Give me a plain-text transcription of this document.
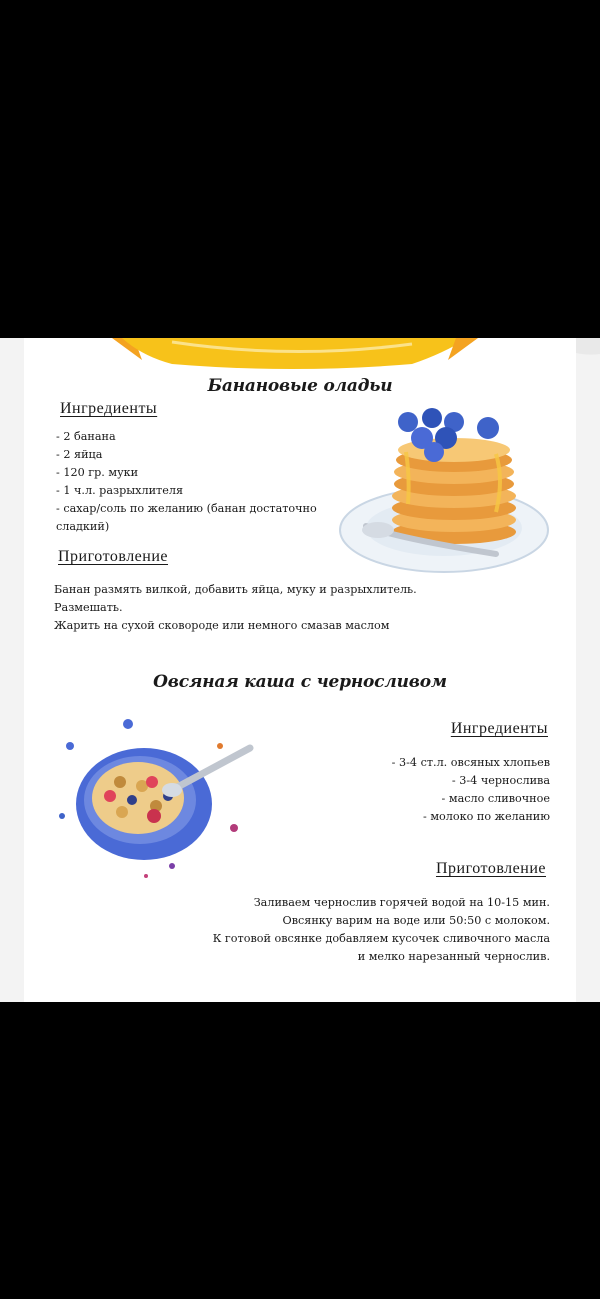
Банановые оладьи
Ингредиенты
- 2 банана
- 2 яйца
- 120 гр. муки
- 1 ч.л. разрыхлителя
- сахар/соль по желанию (банан достаточно
сладкий)
Приготовление
Банан размять вилкой, добавить яйца, муку и разрыхлитель.
Размешать.
Жарить на сухой сковороде или немного смазав маслом
Овсяная каша с черносливом
Ингредиенты
- 3-4 ст.л. овсяных хлопьев
- 3-4 чернослива
- масло сливочное
- молоко по желанию
Приготовление
Заливаем чернослив горячей водой на 10-15 мин.
Овсянку варим на воде или 50:50 с молоком.
К готовой овсянке добавляем кусочек сливочного масла
и мелко нарезанный чернослив.
